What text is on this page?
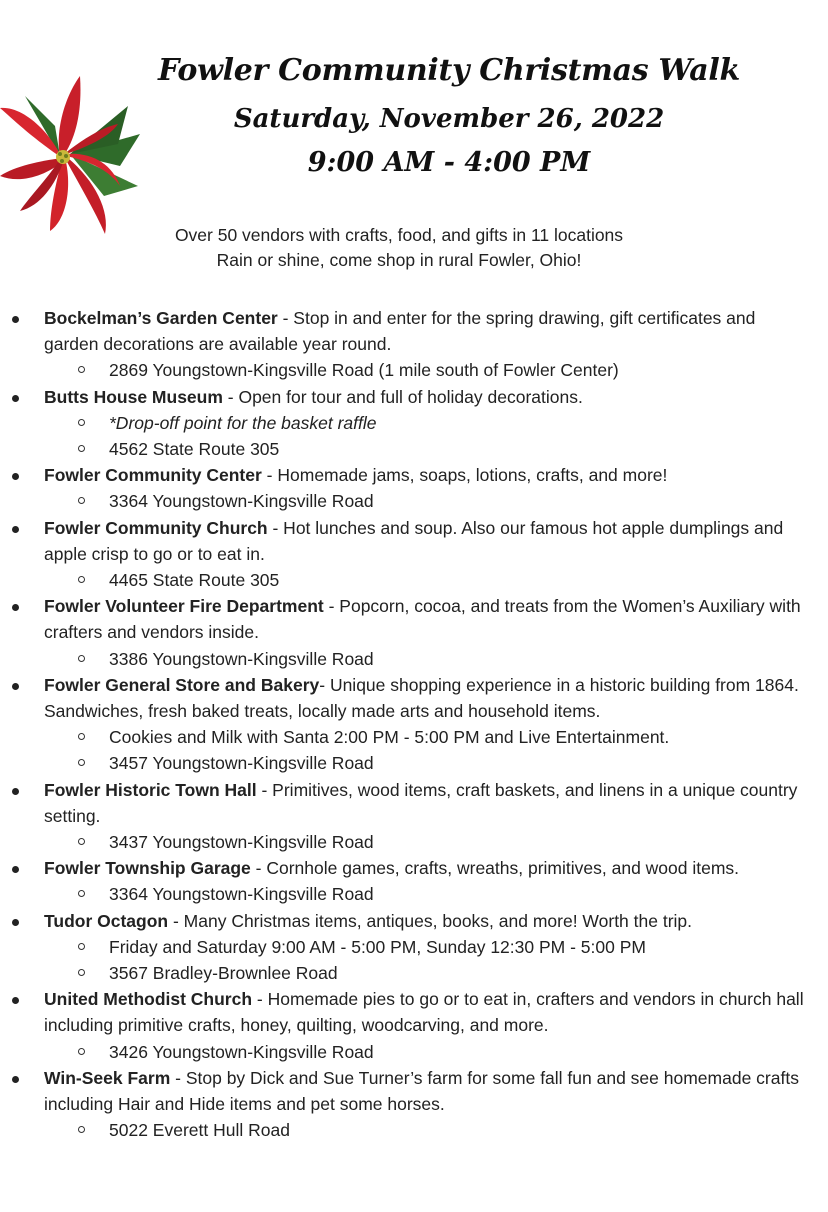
Fowler Community Christmas Walk
Saturday, November 26, 2022
9:00 AM - 4:00 PM
Over 50 vendors with crafts, food, and gifts in 11 locations
Rain or shine, come shop in rural Fowler, Ohio!
Bockelman’s Garden Center - Stop in and enter for the spring drawing, gift certificates and garden decorations are available year round.
2869 Youngstown-Kingsville Road (1 mile south of Fowler Center)
Butts House Museum - Open for tour and full of holiday decorations.
*Drop-off point for the basket raffle
4562 State Route 305
Fowler Community Center - Homemade jams, soaps, lotions, crafts, and more!
3364 Youngstown-Kingsville Road
Fowler Community Church - Hot lunches and soup. Also our famous hot apple dumplings and apple crisp to go or to eat in.
4465 State Route 305
Fowler Volunteer Fire Department - Popcorn, cocoa, and treats from the Women’s Auxiliary with crafters and vendors inside.
3386 Youngstown-Kingsville Road
Fowler General Store and Bakery- Unique shopping experience in a historic building from 1864. Sandwiches, fresh baked treats, locally made arts and household items.
Cookies and Milk with Santa 2:00 PM - 5:00 PM and Live Entertainment.
3457 Youngstown-Kingsville Road
Fowler Historic Town Hall - Primitives, wood items, craft baskets, and linens in a unique country setting.
3437 Youngstown-Kingsville Road
Fowler Township Garage - Cornhole games, crafts, wreaths, primitives, and wood items.
3364 Youngstown-Kingsville Road
Tudor Octagon - Many Christmas items, antiques, books, and more! Worth the trip.
Friday and Saturday 9:00 AM - 5:00 PM, Sunday 12:30 PM - 5:00 PM
3567 Bradley-Brownlee Road
United Methodist Church - Homemade pies to go or to eat in, crafters and vendors in church hall including primitive crafts, honey, quilting, woodcarving, and more.
3426 Youngstown-Kingsville Road
Win-Seek Farm - Stop by Dick and Sue Turner’s farm for some fall fun and see homemade crafts including Hair and Hide items and pet some horses.
5022 Everett Hull Road
